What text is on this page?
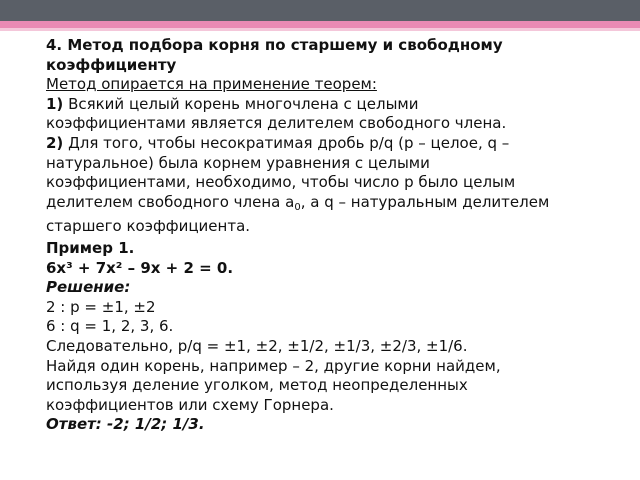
4. Метод подбора корня по старшему и свободному
коэффициенту
Метод опирается на применение теорем:
1) Всякий целый корень многочлена с целыми
коэффициентами является делителем свободного члена.
2) Для того, чтобы несократимая дробь p/q (p – целое, q –
натуральное) была корнем уравнения с целыми
коэффициентами, необходимо, чтобы число p было целым
делителем свободного члена $a_0$, а q – натуральным делителем
старшего коэффициента.
Пример 1.
6x³ + 7x² – 9x + 2 = 0.
Решение:
2 : p = ±1, ±2
6 : q = 1, 2, 3, 6.
Следовательно, p/q = ±1, ±2, ±1/2, ±1/3, ±2/3, ±1/6.
Найдя один корень, например – 2, другие корни найдем,
используя деление уголком, метод неопределенных
коэффициентов или схему Горнера.
Ответ: -2; 1/2; 1/3.
